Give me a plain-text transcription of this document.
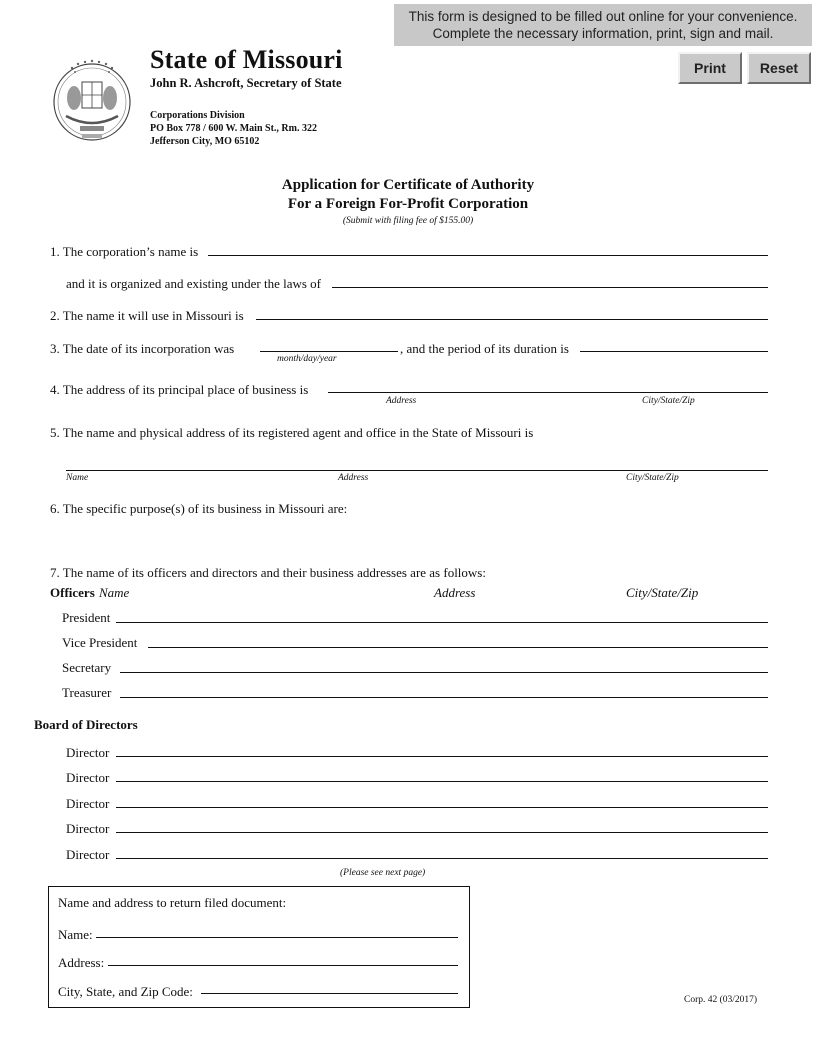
This form is designed to be filled out online for your convenience.
Complete the necessary information, print, sign and mail.
Print	Reset
State of Missouri
John R. Ashcroft, Secretary of State
Corporations Division
PO Box 778 / 600 W. Main St., Rm. 322
Jefferson City, MO 65102
Application for Certificate of Authority
For a Foreign For-Profit Corporation
(Submit with filing fee of $155.00)
1. The corporation’s name is
and it is organized and existing under the laws of
2. The name it will use in Missouri is
3. The date of its incorporation was	, and the period of its duration is
month/day/year
4. The address of its principal place of business is
Address	City/State/Zip
5. The name and physical address of its registered agent and office in the State of Missouri is
Name	Address	City/State/Zip
6. The specific purpose(s) of its business in Missouri are:
7. The name of its officers and directors and their business addresses are as follows:
Officers Name	Address	City/State/Zip
President
Vice President
Secretary
Treasurer
Board of Directors
Director
Director
Director
Director
Director
(Please see next page)
Name and address to return filed document:
Name:
Address:
City, State, and Zip Code:
Corp. 42 (03/2017)
